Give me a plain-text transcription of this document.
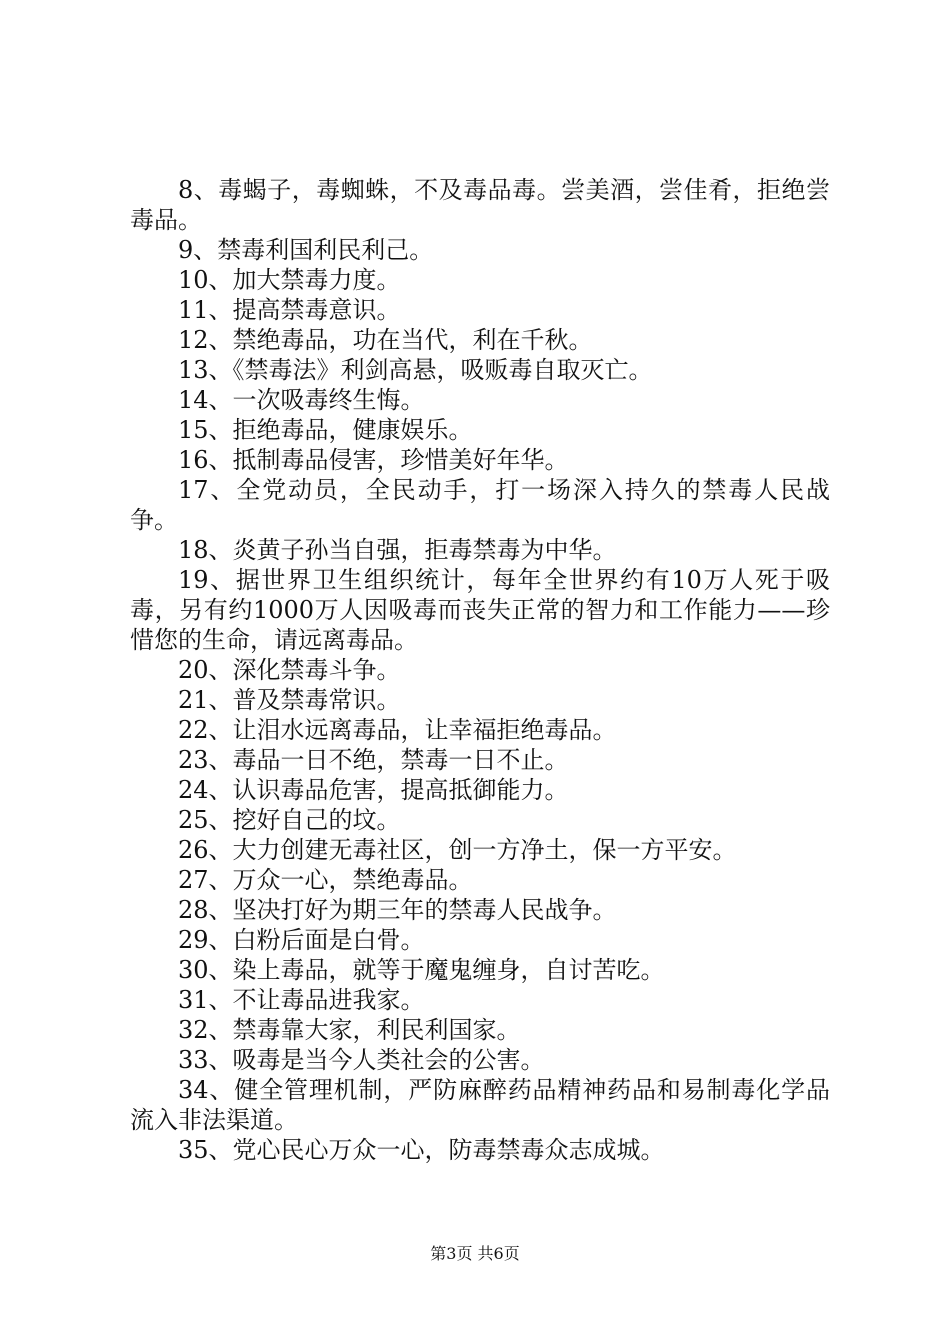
8、毒蝎子，毒蜘蛛，不及毒品毒。尝美酒，尝佳肴，拒绝尝毒品。

9、禁毒利国利民利己。

10、加大禁毒力度。

11、提高禁毒意识。

12、禁绝毒品，功在当代，利在千秋。

13、《禁毒法》利剑高悬，吸贩毒自取灭亡。

14、一次吸毒终生悔。

15、拒绝毒品，健康娱乐。

16、抵制毒品侵害，珍惜美好年华。

17、全党动员，全民动手，打一场深入持久的禁毒人民战争。

18、炎黄子孙当自强，拒毒禁毒为中华。

19、据世界卫生组织统计，每年全世界约有10万人死于吸毒，另有约1000万人因吸毒而丧失正常的智力和工作能力——珍惜您的生命，请远离毒品。

20、深化禁毒斗争。

21、普及禁毒常识。

22、让泪水远离毒品，让幸福拒绝毒品。

23、毒品一日不绝，禁毒一日不止。

24、认识毒品危害，提高抵御能力。

25、挖好自己的坟。

26、大力创建无毒社区，创一方净土，保一方平安。

27、万众一心，禁绝毒品。

28、坚决打好为期三年的禁毒人民战争。

29、白粉后面是白骨。

30、染上毒品，就等于魔鬼缠身，自讨苦吃。

31、不让毒品进我家。

32、禁毒靠大家，利民利国家。

33、吸毒是当今人类社会的公害。

34、健全管理机制，严防麻醉药品精神药品和易制毒化学品流入非法渠道。

35、党心民心万众一心，防毒禁毒众志成城。

第3页 共6页
